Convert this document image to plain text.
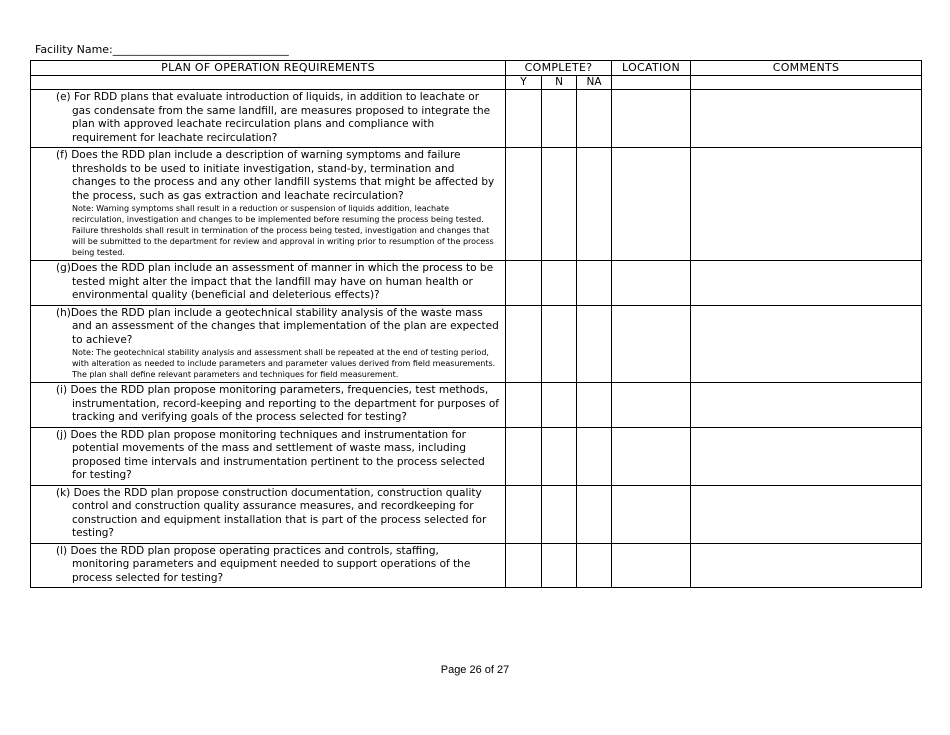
Facility Name:________________________________
PLAN OF OPERATION REQUIREMENTS	COMPLETE?			LOCATION	COMMENTS
	Y	N	NA		
(e) For RDD plans that evaluate introduction of liquids, in addition to leachate or gas condensate from the same landfill, are measures proposed to integrate the plan with approved leachate recirculation plans and compliance with requirement for leachate recirculation?					
(f) Does the RDD plan include a description of warning symptoms and failure thresholds to be used to initiate investigation, stand-by, termination and changes to the process and any other landfill systems that might be affected by the process, such as gas extraction and leachate recirculation?
Note: Warning symptoms shall result in a reduction or suspension of liquids addition, leachate recirculation, investigation and changes to be implemented before resuming the process being tested. Failure thresholds shall result in termination of the process being tested, investigation and changes that will be submitted to the department for review and approval in writing prior to resumption of the process being tested.					

(g)Does the RDD plan include an assessment of manner in which the process to be tested might alter the impact that the landfill may have on human health or environmental quality (beneficial and deleterious effects)?					
(h)Does the RDD plan include a geotechnical stability analysis of the waste mass and an assessment of the changes that implementation of the plan are expected to achieve?
Note: The geotechnical stability analysis and assessment shall be repeated at the end of testing period, with alteration as needed to include parameters and parameter values derived from field measurements. The plan shall define relevant parameters and techniques for field measurement.					

(i) Does the RDD plan propose monitoring parameters, frequencies, test methods, instrumentation, record-keeping and reporting to the department for purposes of tracking and verifying goals of the process selected for testing?					
(j) Does the RDD plan propose monitoring techniques and instrumentation for potential movements of the mass and settlement of waste mass, including proposed time intervals and instrumentation pertinent to the process selected for testing?					
(k) Does the RDD plan propose construction documentation, construction quality control and construction quality assurance measures, and recordkeeping for construction and equipment installation that is part of the process selected for testing?					
(l) Does the RDD plan propose operating practices and controls, staffing, monitoring parameters and equipment needed to support operations of the process selected for testing?					
Page 26 of 27
